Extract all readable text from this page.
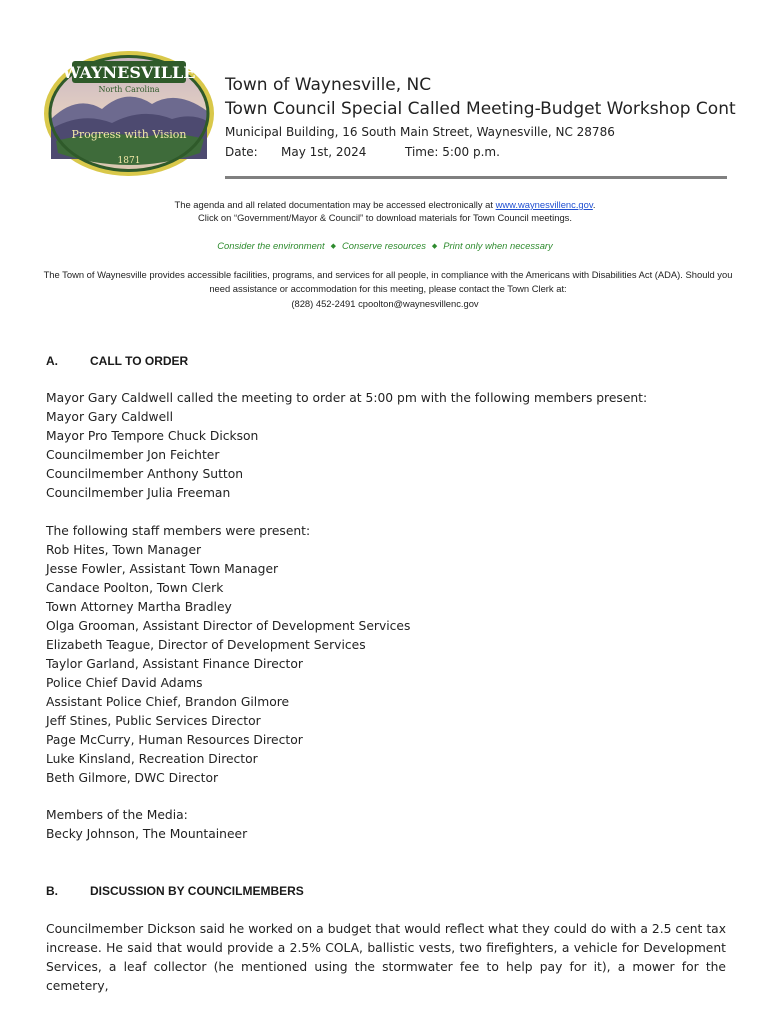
WAYNESVILLE
North Carolina
Progress with Vision
1871
Town of Waynesville, NC
Town Council Special Called Meeting-Budget Workshop Cont
Municipal Building, 16 South Main Street, Waynesville, NC 28786
Date: May 1st, 2024	Time: 5:00 p.m.
The agenda and all related documentation may be accessed electronically at www.waynesvillenc.gov.
Click on “Government/Mayor & Council” to download materials for Town Council meetings.
Consider the environment ◆ Conserve resources ◆ Print only when necessary
The Town of Waynesville provides accessible facilities, programs, and services for all people, in compliance with the Americans with Disabilities Act (ADA). Should you need assistance or accommodation for this meeting, please contact the Town Clerk at:
(828) 452-2491 cpoolton@waynesvillenc.gov
A.	CALL TO ORDER
Mayor Gary Caldwell called the meeting to order at 5:00 pm with the following members present:
Mayor Gary Caldwell
Mayor Pro Tempore Chuck Dickson
Councilmember Jon Feichter
Councilmember Anthony Sutton
Councilmember Julia Freeman
The following staff members were present:
Rob Hites, Town Manager
Jesse Fowler, Assistant Town Manager
Candace Poolton, Town Clerk
Town Attorney Martha Bradley
Olga Grooman, Assistant Director of Development Services
Elizabeth Teague, Director of Development Services
Taylor Garland, Assistant Finance Director
Police Chief David Adams
Assistant Police Chief, Brandon Gilmore
Jeff Stines, Public Services Director
Page McCurry, Human Resources Director
Luke Kinsland, Recreation Director
Beth Gilmore, DWC Director
Members of the Media:
Becky Johnson, The Mountaineer
B.	DISCUSSION BY COUNCILMEMBERS
Councilmember Dickson said he worked on a budget that would reflect what they could do with a 2.5 cent tax increase. He said that would provide a 2.5% COLA, ballistic vests, two firefighters, a vehicle for Development Services, a leaf collector (he mentioned using the stormwater fee to help pay for it), a mower for the cemetery,
